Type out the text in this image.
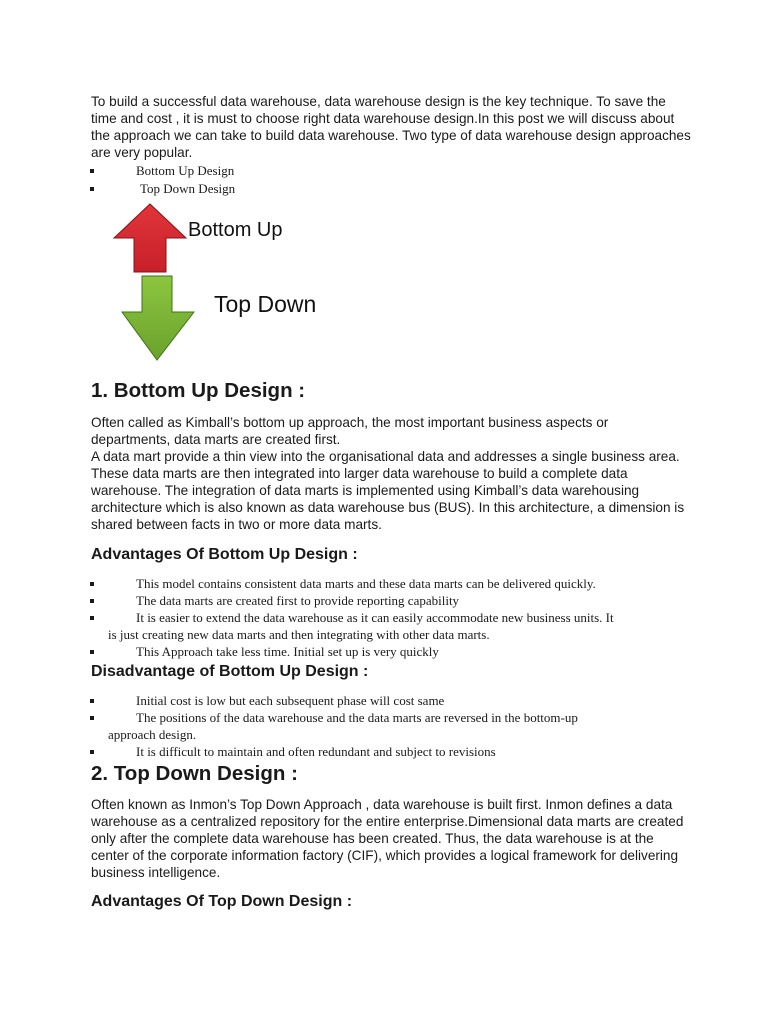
To build a successful data warehouse, data warehouse design is the key technique. To save the time and cost , it is must to choose right data warehouse design.In this post we will discuss about the approach we can take to build data warehouse. Two type of data warehouse design approaches are very popular.

Bottom Up Design
Top Down Design
Bottom Up
Top Down
1. Bottom Up Design :

Often called as Kimball’s bottom up approach, the most important business aspects or departments, data marts are created first.

A data mart provide a thin view into the organisational data and addresses a single business area. These data marts are then integrated into larger data warehouse to build a complete data warehouse. The integration of data marts is implemented using Kimball’s data warehousing architecture which is also known as data warehouse bus (BUS). In this architecture, a dimension is shared between facts in two or more data marts.

Advantages Of Bottom Up Design :
This model contains consistent data marts and these data marts can be delivered quickly.
The data marts are created first to provide reporting capability
It is easier to extend the data warehouse as it can easily accommodate new business units. It
is just creating new data marts and then integrating with other data marts.
This Approach take less time. Initial set up is very quickly
Disadvantage of Bottom Up Design :
Initial cost is low but each subsequent phase will cost same
The positions of the data warehouse and the data marts are reversed in the bottom-up
approach design.
It is difficult to maintain and often redundant and subject to revisions
2. Top Down Design :

Often known as Inmon’s Top Down Approach , data warehouse is built first. Inmon defines a data warehouse as a centralized repository for the entire enterprise.Dimensional data marts are created only after the complete data warehouse has been created. Thus, the data warehouse is at the center of the corporate information factory (CIF), which provides a logical framework for delivering business intelligence.

Advantages Of Top Down Design :
